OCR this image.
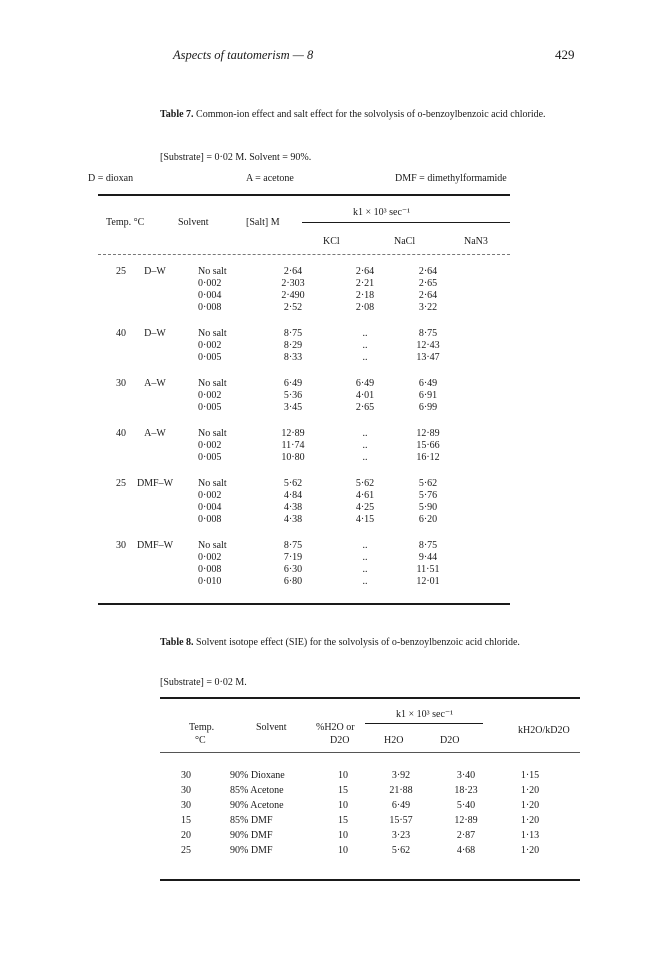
Aspects of tautomerism — 8	429
Table 7. Common-ion effect and salt effect for the solvolysis of o-benzoylbenzoic acid chloride.
[Substrate] = 0·02 M. Solvent = 90%.
D = dioxan	A = acetone	DMF = dimethylformamide
k1 × 10³ sec⁻¹
Temp. °C	Solvent	[Salt] M
KCl	NaCl	NaN3
25	D–W	No salt	2·64	2·64	2·64	
		0·002	2·303	2·21	2·65	
		0·004	2·490	2·18	2·64	
		0·008	2·52	2·08	3·22	

40	D–W	No salt	8·75	..	8·75	
		0·002	8·29	..	12·43	
		0·005	8·33	..	13·47	

30	A–W	No salt	6·49	6·49	6·49	
		0·002	5·36	4·01	6·91	
		0·005	3·45	2·65	6·99	

40	A–W	No salt	12·89	..	12·89	
		0·002	11·74	..	15·66	
		0·005	10·80	..	16·12	

25	DMF–W	No salt	5·62	5·62	5·62	
		0·002	4·84	4·61	5·76	
		0·004	4·38	4·25	5·90	
		0·008	4·38	4·15	6·20	

30	DMF–W	No salt	8·75	..	8·75	
		0·002	7·19	..	9·44	
		0·008	6·30	..	11·51	
		0·010	6·80	..	12·01	
Table 8. Solvent isotope effect (SIE) for the solvolysis of o-benzoylbenzoic acid chloride.
[Substrate] = 0·02 M.
k1 × 10³ sec⁻¹
Temp.
°C
Solvent	%H2O or
D2O	H2O	D2O
kH2O/kD2O
30	90% Dioxane	10	3·92	3·40	1·15	
30	85% Acetone	15	21·88	18·23	1·20	
30	90% Acetone	10	6·49	5·40	1·20	
15	85% DMF	15	15·57	12·89	1·20	
20	90% DMF	10	3·23	2·87	1·13	
25	90% DMF	10	5·62	4·68	1·20	
